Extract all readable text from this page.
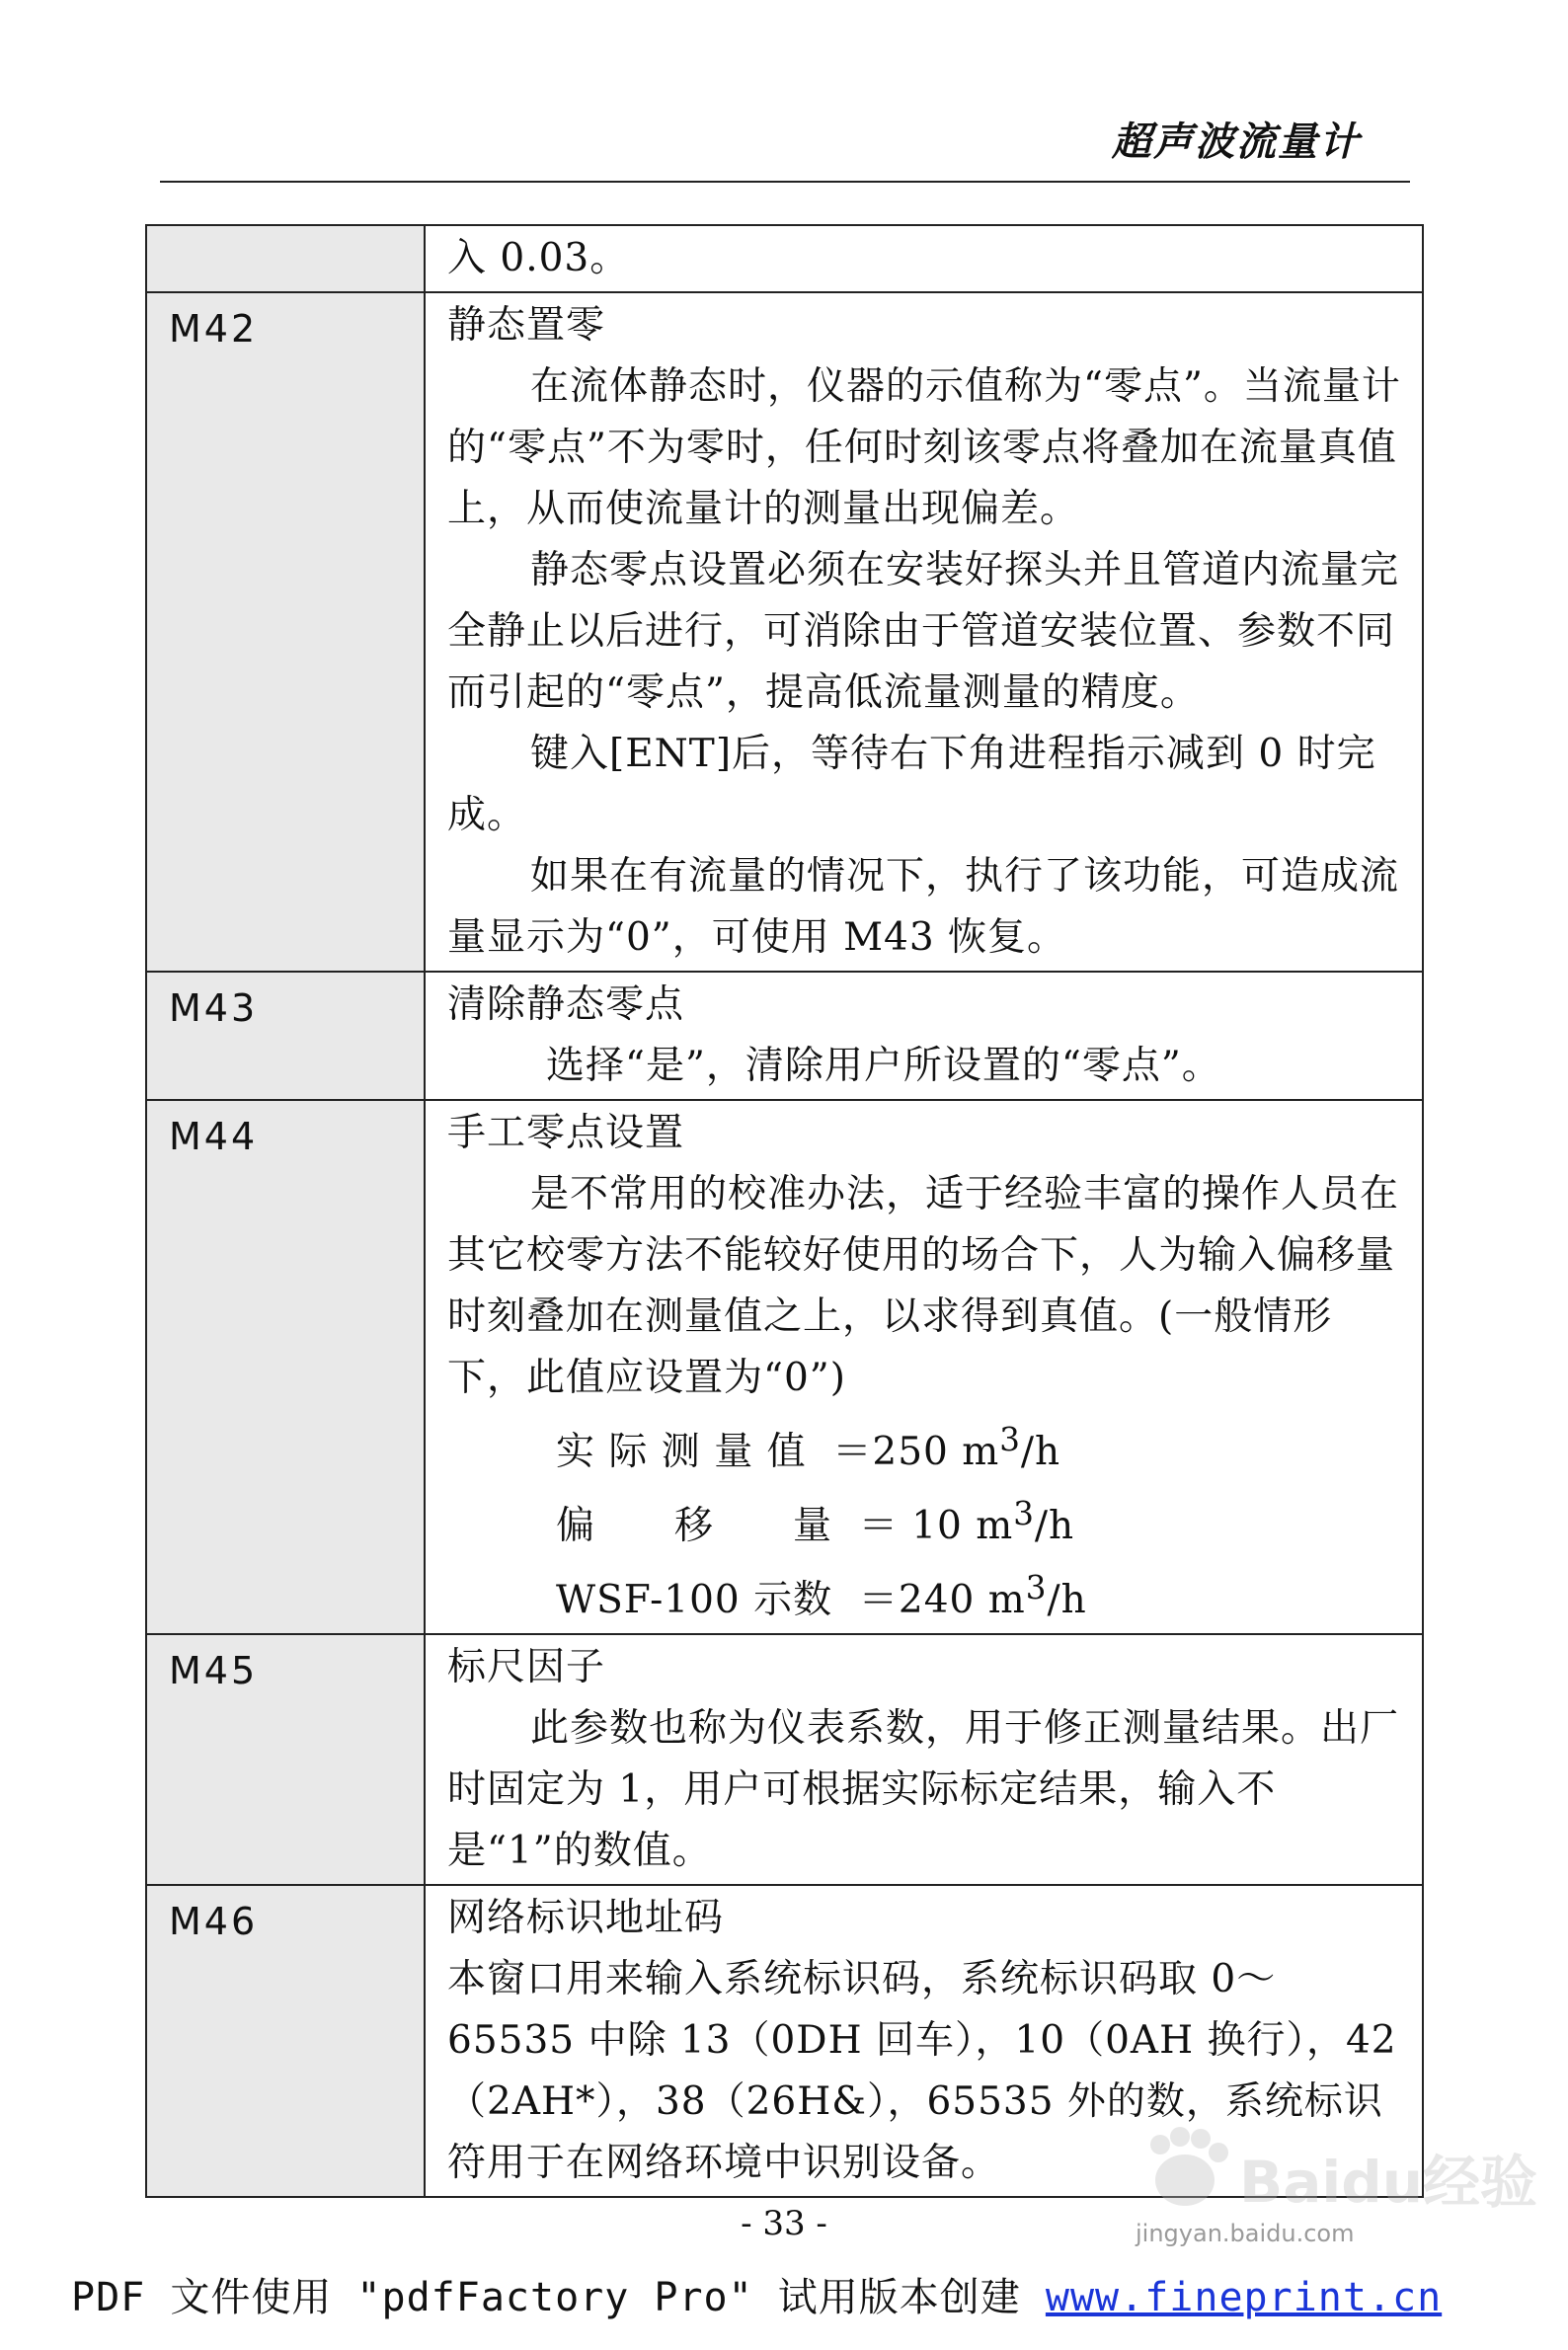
超声波流量计

	入 0.03。

M42	静态置零

在流体静态时，仪器的示值称为“零点”。当流量计的“零点”不为零时，任何时刻该零点将叠加在流量真值上，从而使流量计的测量出现偏差。

静态零点设置必须在安装好探头并且管道内流量完全静止以后进行，可消除由于管道安装位置、参数不同而引起的“零点”，提高低流量测量的精度。

键入[ENT]后，等待右下角进程指示减到 0 时完成。

如果在有流量的情况下，执行了该功能，可造成流量显示为“0”，可使用 M43 恢复。

M43	清除静态零点

选择“是”，清除用户所设置的“零点”。

M44	手工零点设置

是不常用的校准办法，适于经验丰富的操作人员在其它校零方法不能较好使用的场合下，人为输入偏移量时刻叠加在测量值之上，以求得到真值。(一般情形下，此值应设置为“0”)

实 际 测 量 值 ＝250 $m^3/h$

偏　　移　　量 ＝ 10 $m^3/h$

WSF-100 示数 ＝240 $m^3/h$

M45	标尺因子

此参数也称为仪表系数，用于修正测量结果。出厂时固定为 1，用户可根据实际标定结果，输入不是“1”的数值。

M46	网络标识地址码

本窗口用来输入系统标识码，系统标识码取 0～65535 中除 13（0DH 回车），10（0AH 换行），42（2AH*），38（26H&），65535 外的数，系统标识符用于在网络环境中识别设备。

- 33 -
Baidu经验
jingyan.baidu.com
PDF 文件使用 "pdfFactory Pro" 试用版本创建 www.fineprint.cn
